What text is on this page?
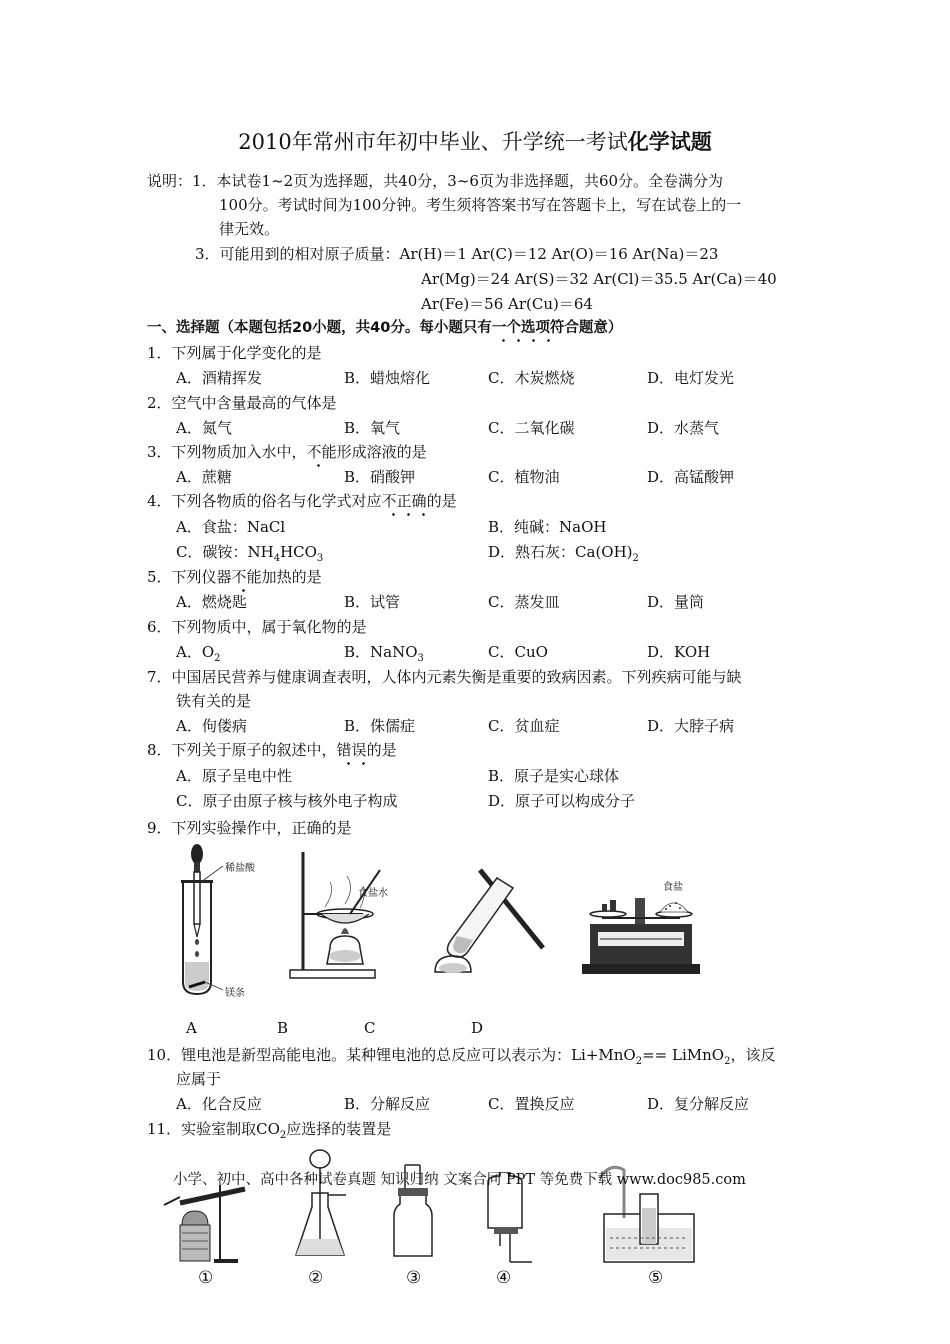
2010年常州市年初中毕业、升学统一考试化学试题
说明：1．本试卷1~2页为选择题，共40分，3~6页为非选择题，共60分。全卷满分为
100分。考试时间为100分钟。考生须将答案书写在答题卡上，写在试卷上的一
律无效。
3．可能用到的相对原子质量：Ar(H)＝1 Ar(C)＝12 Ar(O)＝16 Ar(Na)＝23
Ar(Mg)＝24 Ar(S)＝32 Ar(Cl)＝35.5 Ar(Ca)＝40
Ar(Fe)＝56 Ar(Cu)＝64
一、选择题（本题包括20小题，共40分。每小题只有一个选项符合题意）
1．下列属于化学变化的是
A．酒精挥发	B．蜡烛熔化	C．木炭燃烧	D．电灯发光
2．空气中含量最高的气体是
A．氮气	B．氧气	C．二氧化碳	D．水蒸气
3．下列物质加入水中，不能形成溶液的是
A．蔗糖	B．硝酸钾	C．植物油	D．高锰酸钾
4．下列各物质的俗名与化学式对应不正确的是
A．食盐：NaCl	B．纯碱：NaOH
C．碳铵：$NH_4HCO_3$	D．熟石灰：$Ca(OH)_2$
5．下列仪器不能加热的是
A．燃烧匙	B．试管	C．蒸发皿	D．量筒
6．下列物质中，属于氧化物的是
A．$O_2$	B．NaNO$_3$	C．CuO	D．KOH
7．中国居民营养与健康调查表明，人体内元素失衡是重要的致病因素。下列疾病可能与缺
铁有关的是
A．佝偻病	B．侏儒症	C．贫血症	D．大脖子病
8．下列关于原子的叙述中，错误的是
A．原子呈电中性	B．原子是实心球体
C．原子由原子核与核外电子构成	D．原子可以构成分子
9．下列实验操作中，正确的是
稀盐酸
镁条
食盐水
食盐
A	B	C	D
10．锂电池是新型高能电池。某种锂电池的总反应可以表示为：Li+MnO$_2$== LiMnO$_2$，该反
应属于
A．化合反应	B．分解反应	C．置换反应	D．复分解反应
11．实验室制取$CO_2$应选择的装置是
①	②	③	④	⑤
小学、初中、高中各种试卷真题 知识归纳 文案合同 PPT 等免费下载 www.doc985.com
